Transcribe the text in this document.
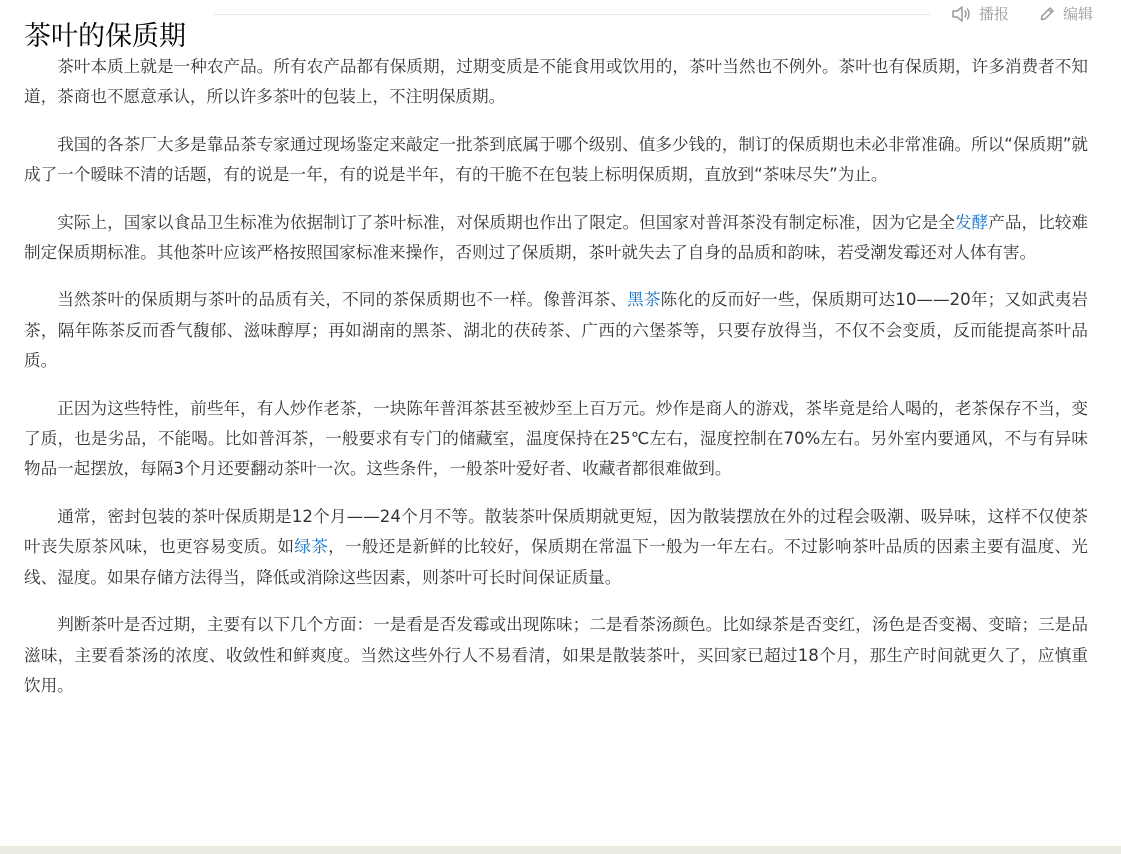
茶叶的保质期
播报	编辑

茶叶本质上就是一种农产品。所有农产品都有保质期，过期变质是不能食用或饮用的，茶叶当然也不例外。茶叶也有保质期，许多消费者不知道，茶商也不愿意承认，所以许多茶叶的包装上，不注明保质期。

我国的各茶厂大多是靠品茶专家通过现场鉴定来敲定一批茶到底属于哪个级别、值多少钱的，制订的保质期也未必非常准确。所以“保质期”就成了一个暧昧不清的话题，有的说是一年，有的说是半年，有的干脆不在包装上标明保质期，直放到“茶味尽失”为止。

实际上，国家以食品卫生标准为依据制订了茶叶标准，对保质期也作出了限定。但国家对普洱茶没有制定标准，因为它是全发酵产品，比较难制定保质期标准。其他茶叶应该严格按照国家标准来操作，否则过了保质期，茶叶就失去了自身的品质和韵味，若受潮发霉还对人体有害。

当然茶叶的保质期与茶叶的品质有关，不同的茶保质期也不一样。像普洱茶、黑茶陈化的反而好一些，保质期可达10——20年；又如武夷岩茶，隔年陈茶反而香气馥郁、滋味醇厚；再如湖南的黑茶、湖北的茯砖茶、广西的六堡茶等，只要存放得当，不仅不会变质，反而能提高茶叶品质。

正因为这些特性，前些年，有人炒作老茶，一块陈年普洱茶甚至被炒至上百万元。炒作是商人的游戏，茶毕竟是给人喝的，老茶保存不当，变了质，也是劣品，不能喝。比如普洱茶，一般要求有专门的储藏室，温度保持在25℃左右，湿度控制在70%左右。另外室内要通风，不与有异味物品一起摆放，每隔3个月还要翻动茶叶一次。这些条件，一般茶叶爱好者、收藏者都很难做到。

通常，密封包装的茶叶保质期是12个月——24个月不等。散装茶叶保质期就更短，因为散装摆放在外的过程会吸潮、吸异味，这样不仅使茶叶丧失原茶风味，也更容易变质。如绿茶，一般还是新鲜的比较好，保质期在常温下一般为一年左右。不过影响茶叶品质的因素主要有温度、光线、湿度。如果存储方法得当，降低或消除这些因素，则茶叶可长时间保证质量。

判断茶叶是否过期，主要有以下几个方面：一是看是否发霉或出现陈味；二是看茶汤颜色。比如绿茶是否变红，汤色是否变褐、变暗；三是品滋味，主要看茶汤的浓度、收敛性和鲜爽度。当然这些外行人不易看清，如果是散装茶叶，买回家已超过18个月，那生产时间就更久了，应慎重饮用。
